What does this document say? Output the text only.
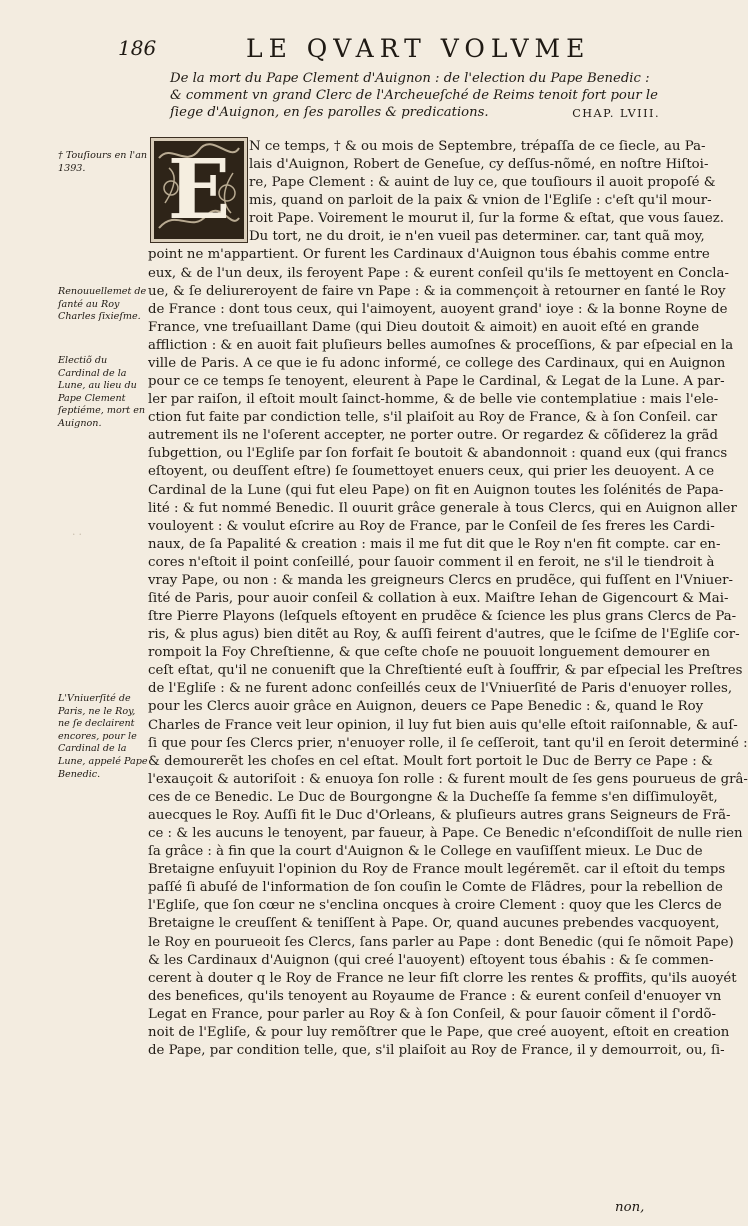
186	LE QVART VOLVME
De la mort du Pape Clement d'Auignon : de l'election du Pape Benedic : & comment vn grand Clerc de l'Archeueſché de Reims tenoit fort pour le ſiege d'Auignon, en ſes parolles & predications.	CHAP. LVIII.
E
† Touſiours en l'an 1393.
Renouuellemet de ſanté au Roy Charles ſixieſme.
Electiõ du Cardinal de la Lune, au lieu du Pape Clement ſeptiéme, mort en Auignon.
L'Vniuerſité de Paris, ne le Roy, ne ſe declairent encores, pour le Cardinal de la Lune, appelé Pape Benedic.
N ce temps, † & ou mois de Septembre, trépaſſa de ce ſiecle, au Pa-
lais d'Auignon, Robert de Geneſue, cy deſſus-nõmé, en noſtre Hiſtoi-
re, Pape Clement : & auint de luy ce, que touſiours il auoit propoſé &
mis, quand on parloit de la paix & vnion de l'Egliſe : c'eſt qu'il mour-
roit Pape. Voirement le mourut il, ſur la forme & eſtat, que vous ſauez.
Du tort, ne du droit, ie n'en vueil pas determiner. car, tant quã moy,
point ne m'appartient. Or furent les Cardinaux d'Auignon tous ébahis comme entre
eux, & de l'un deux, ils feroyent Pape : & eurent conſeil qu'ils ſe mettoyent en Concla-
ue, & ſe deliureroyent de faire vn Pape : & ia commençoit à retourner en ſanté le Roy
de France : dont tous ceux, qui l'aimoyent, auoyent grand' ioye : & la bonne Royne de
France, vne treſuaillant Dame (qui Dieu doutoit & aimoit) en auoit eſté en grande
affliction : & en auoit fait pluſieurs belles aumoſnes & proceſſions, & par eſpecial en la
ville de Paris. A ce que ie fu adonc informé, ce college des Cardinaux, qui en Auignon
pour ce ce temps ſe tenoyent, eleurent à Pape le Cardinal, & Legat de la Lune. A par-
ler par raiſon, il eſtoit moult ſainct-homme, & de belle vie contemplatiue : mais l'ele-
ction fut faite par condiction telle, s'il plaiſoit au Roy de France, & à ſon Conſeil. car
autrement ils ne l'oſerent accepter, ne porter outre. Or regardez & cõſiderez la grãd
ſubgettion, ou l'Egliſe par ſon forfait ſe boutoit & abandonnoit : quand eux (qui francs
eſtoyent, ou deuſſent eſtre) ſe ſoumettoyet enuers ceux, qui prier les deuoyent. A ce
Cardinal de la Lune (qui fut eleu Pape) on fit en Auignon toutes les ſolénités de Papa-
lité : & fut nommé Benedic. Il ouurit grâce generale à tous Clercs, qui en Auignon aller
vouloyent : & voulut eſcrire au Roy de France, par le Conſeil de ſes freres les Cardi-
naux, de ſa Papalité & creation : mais il me fut dit que le Roy n'en fit compte. car en-
cores n'eſtoit il point conſeillé, pour ſauoir comment il en feroit, ne s'il le tiendroit à
vray Pape, ou non : & manda les greigneurs Clercs en prudẽce, qui fuſſent en l'Vniuer-
ſité de Paris, pour auoir conſeil & collation à eux. Maiſtre Iehan de Gigencourt & Mai-
ſtre Pierre Playons (leſquels eſtoyent en prudẽce & ſcience les plus grans Clercs de Pa-
ris, & plus agus) bien ditẽt au Roy, & auſſi feirent d'autres, que le ſciſme de l'Egliſe cor-
rompoit la Foy Chreſtienne, & que ceſte choſe ne pouuoit longuement demourer en
ceſt eſtat, qu'il ne conuenift que la Chreſtienté euſt à ſouffrir, & par eſpecial les Preſtres
de l'Egliſe : & ne furent adonc conſeillés ceux de l'Vniuerſité de Paris d'enuoyer rolles,
pour les Clercs auoir grâce en Auignon, deuers ce Pape Benedic : &, quand le Roy
Charles de France veit leur opinion, il luy fut bien auis qu'elle eſtoit raiſonnable, & auſ-
ſi que pour ſes Clercs prier, n'enuoyer rolle, il ſe ceſſeroit, tant qu'il en ſeroit determiné :
& demourerẽt les choſes en cel eſtat. Moult fort portoit le Duc de Berry ce Pape : &
l'exauçoit & autoriſoit : & enuoya ſon rolle : & furent moult de ſes gens pourueus de grâ-
ces de ce Benedic. Le Duc de Bourgongne & la Ducheſſe ſa femme s'en diſſimuloyẽt,
auecques le Roy. Auſſi fit le Duc d'Orleans, & pluſieurs autres grans Seigneurs de Frã-
ce : & les aucuns le tenoyent, par faueur, à Pape. Ce Benedic n'eſcondiſſoit de nulle rien
ſa grâce : à fin que la court d'Auignon & le College en vauſiſſent mieux. Le Duc de
Bretaigne enſuyuit l'opinion du Roy de France moult legéremẽt. car il eſtoit du temps
paſſé ſi abuſé de l'information de ſon couſin le Comte de Flãdres, pour la rebellion de
l'Egliſe, que ſon cœur ne s'enclina oncques à croire Clement : quoy que les Clercs de
Bretaigne le creuſſent & teniſſent à Pape. Or, quand aucunes prebendes vacquoyent,
le Roy en pourueoit ſes Clercs, ſans parler au Pape : dont Benedic (qui ſe nõmoit Pape)
& les Cardinaux d'Auignon (qui creé l'auoyent) eſtoyent tous ébahis : & ſe commen-
cerent à douter q le Roy de France ne leur fiſt clorre les rentes & proffits, qu'ils auoyét
des benefices, qu'ils tenoyent au Royaume de France : & eurent conſeil d'enuoyer vn
Legat en France, pour parler au Roy & à ſon Conſeil, & pour ſauoir cõment il ſ'ordõ-
noit de l'Egliſe, & pour luy remõſtrer que le Pape, que creé auoyent, eſtoit en creation
de Pape, par condition telle, que, s'il plaiſoit au Roy de France, il y demourroit, ou, ſi-
··
non,
